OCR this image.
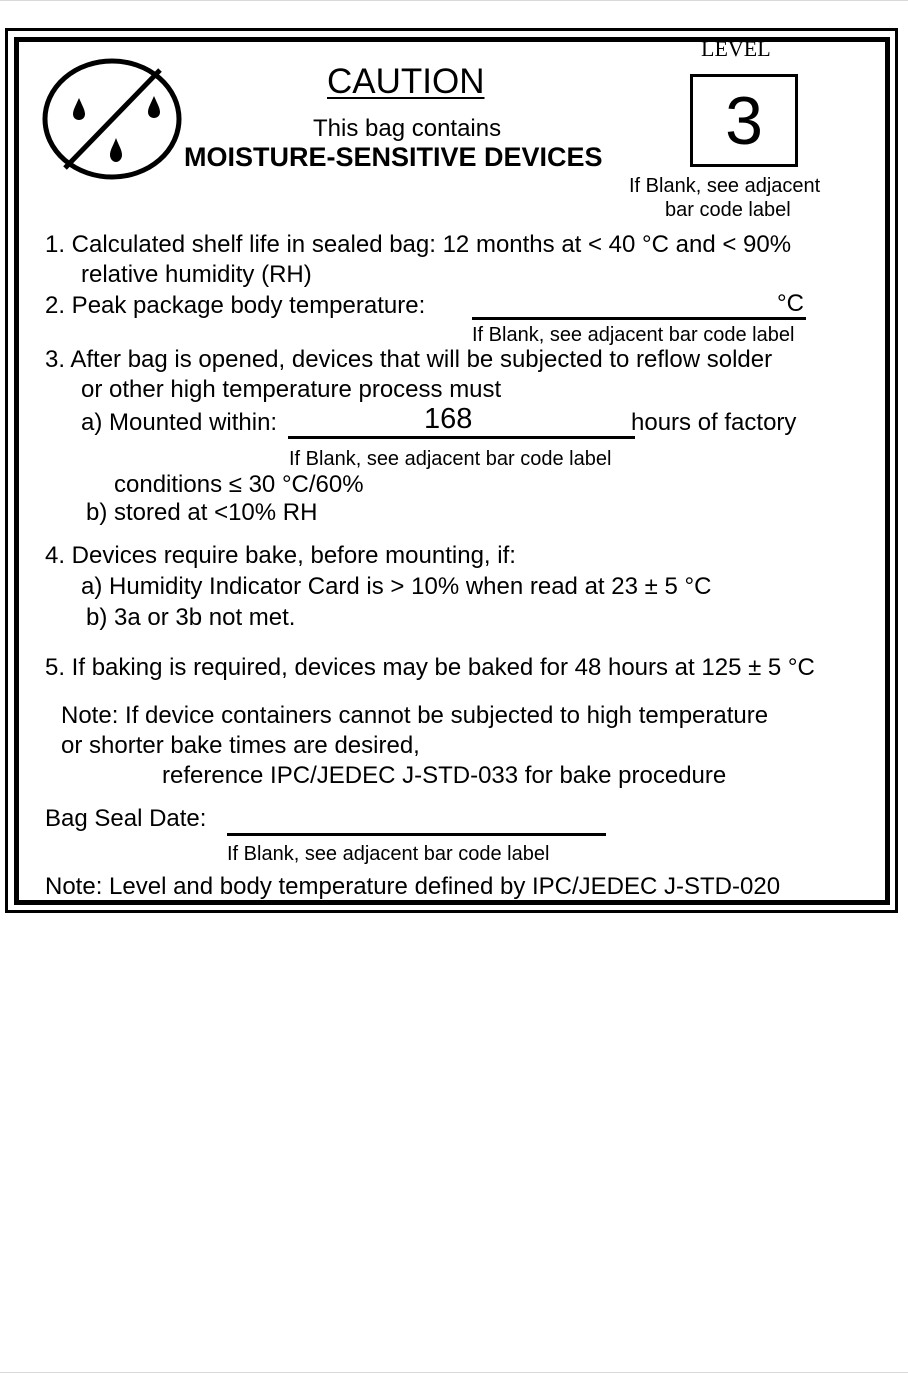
CAUTION
This bag contains
MOISTURE-SENSITIVE DEVICES
LEVEL
3
If Blank, see adjacent
bar code label
1. Calculated shelf life in sealed bag: 12 months at < 40 °C and < 90%
relative humidity (RH)
2. Peak package body temperature:	°C
If Blank, see adjacent bar code label
3. After bag is opened, devices that will be subjected to reflow solder
or other high temperature process must
a) Mounted within:	168	hours of factory
If Blank, see adjacent bar code label
conditions ≤ 30 °C/60%
b) stored at <10% RH
4. Devices require bake, before mounting, if:
a) Humidity Indicator Card is > 10% when read at 23 ± 5 °C
b) 3a or 3b not met.
5. If baking is required, devices may be baked for 48 hours at 125 ± 5 °C
Note: If device containers cannot be subjected to high temperature
or shorter bake times are desired,
reference IPC/JEDEC J-STD-033 for bake procedure
Bag Seal Date:
If Blank, see adjacent bar code label
Note: Level and body temperature defined by IPC/JEDEC J-STD-020
